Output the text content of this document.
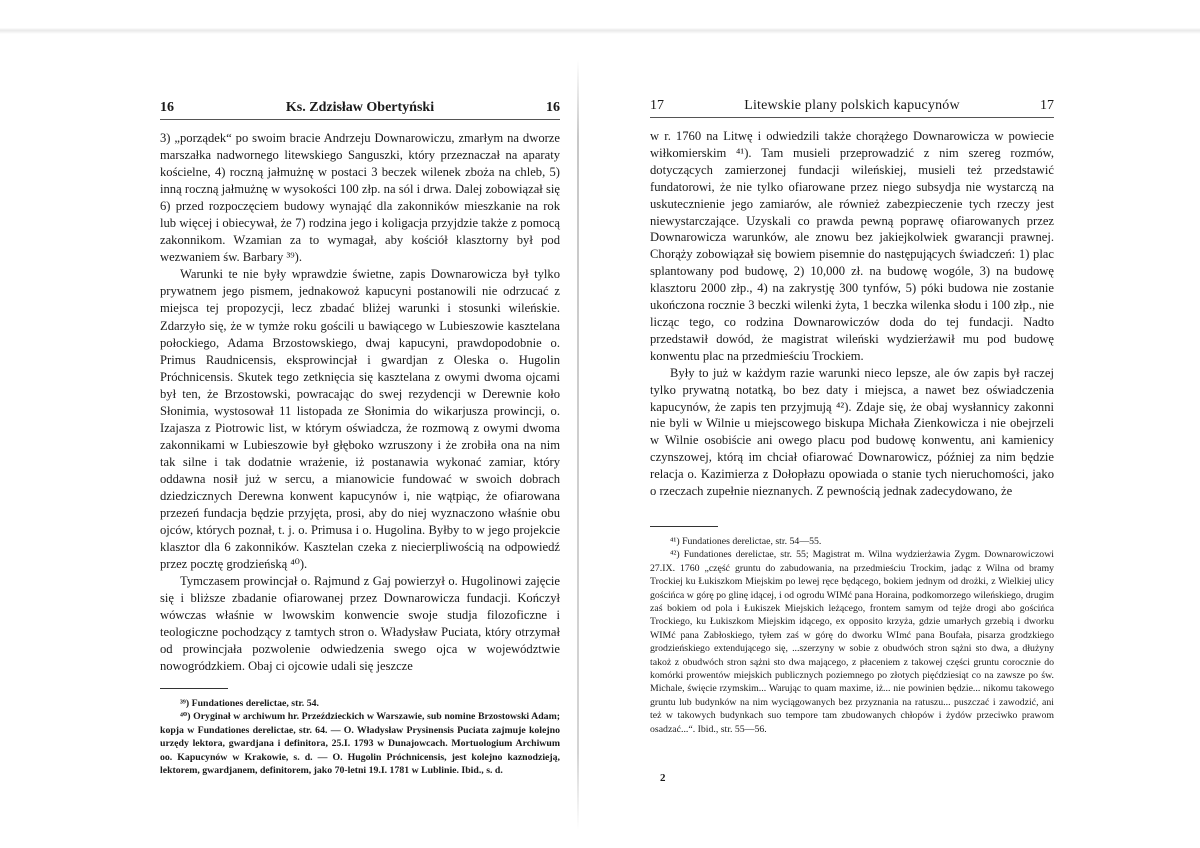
16	Ks. Zdzisław Obertyński	16

3) „porządek“ po swoim bracie Andrzeju Downarowiczu, zmarłym na dworze marszałka nadwornego litewskiego Sanguszki, który przeznaczał na aparaty kościelne, 4) roczną jałmużnę w postaci 3 beczek wilenek zboża na chleb, 5) inną roczną jałmużnę w wysokości 100 złp. na sól i drwa. Dalej zobowiązał się 6) przed rozpoczęciem budowy wynająć dla zakonników mieszkanie na rok lub więcej i obiecywał, że 7) rodzina jego i koligacja przyjdzie także z pomocą zakonnikom. Wzamian za to wymagał, aby kościół klasztorny był pod wezwaniem św. Barbary ³⁹).

Warunki te nie były wprawdzie świetne, zapis Downarowicza był tylko prywatnem jego pismem, jednakowoż kapucyni postanowili nie odrzucać z miejsca tej propozycji, lecz zbadać bliżej warunki i stosunki wileńskie. Zdarzyło się, że w tymże roku gościli u bawiącego w Lubieszowie kasztelana połockiego, Adama Brzostowskiego, dwaj kapucyni, prawdopodobnie o. Primus Raudnicensis, eksprowincjał i gwardjan z Oleska o. Hugolin Próchnicensis. Skutek tego zetknięcia się kasztelana z owymi dwoma ojcami był ten, że Brzostowski, powracając do swej rezydencji w Derewnie koło Słonimia, wystosował 11 listopada ze Słonimia do wikarjusza prowincji, o. Izajasza z Piotrowic list, w którym oświadcza, że rozmową z owymi dwoma zakonnikami w Lubieszowie był głęboko wzruszony i że zrobiła ona na nim tak silne i tak dodatnie wrażenie, iż postanawia wykonać zamiar, który oddawna nosił już w sercu, a mianowicie fundować w swoich dobrach dziedzicznych Derewna konwent kapucynów i, nie wątpiąc, że ofiarowana przezeń fundacja będzie przyjęta, prosi, aby do niej wyznaczono właśnie obu ojców, których poznał, t. j. o. Primusa i o. Hugolina. Byłby to w jego projekcie klasztor dla 6 zakonników. Kasztelan czeka z niecierpliwością na odpowiedź przez pocztę grodzieńską ⁴⁰).

Tymczasem prowincjał o. Rajmund z Gaj powierzył o. Hugolinowi zajęcie się i bliższe zbadanie ofiarowanej przez Downarowicza fundacji. Kończył wówczas właśnie w lwowskim konwencie swoje studja filozoficzne i teologiczne pochodzący z tamtych stron o. Władysław Puciata, który otrzymał od prowincjała pozwolenie odwiedzenia swego ojca w województwie nowogródzkiem. Obaj ci ojcowie udali się jeszcze

³⁹) Fundationes derelictae, str. 54.

⁴⁰) Oryginał w archiwum hr. Przeździeckich w Warszawie, sub nomine Brzostowski Adam; kopja w Fundationes derelictae, str. 64. — O. Władysław Prysinensis Puciata zajmuje kolejno urzędy lektora, gwardjana i definitora, 25.I. 1793 w Dunajowcach. Mortuologium Archiwum oo. Kapucynów w Krakowie, s. d. — O. Hugolin Próchnicensis, jest kolejno kaznodzieją, lektorem, gwardjanem, definitorem, jako 70-letni 19.I. 1781 w Lublinie. Ibid., s. d.

17	Litewskie plany polskich kapucynów	17

w r. 1760 na Litwę i odwiedzili także chorążego Downarowicza w powiecie wiłkomierskim ⁴¹). Tam musieli przeprowadzić z nim szereg rozmów, dotyczących zamierzonej fundacji wileńskiej, musieli też przedstawić fundatorowi, że nie tylko ofiarowane przez niego subsydja nie wystarczą na uskutecznienie jego zamiarów, ale również zabezpieczenie tych rzeczy jest niewystarczające. Uzyskali co prawda pewną poprawę ofiarowanych przez Downarowicza warunków, ale znowu bez jakiejkolwiek gwarancji prawnej. Chorąży zobowiązał się bowiem pisemnie do następujących świadczeń: 1) plac splantowany pod budowę, 2) 10,000 zł. na budowę wogóle, 3) na budowę klasztoru 2000 złp., 4) na zakrystję 300 tynfów, 5) póki budowa nie zostanie ukończona rocznie 3 beczki wilenki żyta, 1 beczka wilenka słodu i 100 złp., nie licząc tego, co rodzina Downarowiczów doda do tej fundacji. Nadto przedstawił dowód, że magistrat wileński wydzierżawił mu pod budowę konwentu plac na przedmieściu Trockiem.

Były to już w każdym razie warunki nieco lepsze, ale ów zapis był raczej tylko prywatną notatką, bo bez daty i miejsca, a nawet bez oświadczenia kapucynów, że zapis ten przyjmują ⁴²). Zdaje się, że obaj wysłannicy zakonni nie byli w Wilnie u miejscowego biskupa Michała Zienkowicza i nie obejrzeli w Wilnie osobiście ani owego placu pod budowę konwentu, ani kamienicy czynszowej, którą im chciał ofiarować Downarowicz, później za nim będzie relacja o. Kazimierza z Dołopłazu opowiada o stanie tych nieruchomości, jako o rzeczach zupełnie nieznanych. Z pewnością jednak zadecydowano, że

⁴¹) Fundationes derelictae, str. 54—55.

⁴²) Fundationes derelictae, str. 55; Magistrat m. Wilna wydzierżawia Zygm. Downarowiczowi 27.IX. 1760 „część gruntu do zabudowania, na przedmieściu Trockim, jadąc z Wilna od bramy Trockiej ku Łukiszkom Miejskim po lewej ręce będącego, bokiem jednym od drożki, z Wielkiej ulicy gościńca w górę po glinę idącej, i od ogrodu WIMć pana Horaina, podkomorzego wileńskiego, drugim zaś bokiem od pola i Łukiszek Miejskich leżącego, frontem samym od tejże drogi abo gościńca Trockiego, ku Łukiszkom Miejskim idącego, ex opposito krzyża, gdzie umarłych grzebią i dworku WIMć pana Zabłoskiego, tyłem zaś w górę do dworku WImć pana Boufała, pisarza grodzkiego grodzieńskiego extendującego się, ...szerzyny w sobie z obudwóch stron sążni sto dwa, a dłużyny takoż z obudwóch stron sążni sto dwa mającego, z płaceniem z takowej części gruntu corocznie do komórki prowentów miejskich publicznych poziemnego po złotych pięćdziesiąt co na zawsze po św. Michale, święcie rzymskim... Warując to quam maxime, iż... nie powinien będzie... nikomu takowego gruntu lub budynków na nim wyciągowanych bez przyznania na ratuszu... puszczać i zawodzić, ani też w takowych budynkach suo tempore tam zbudowanych chłopów i żydów przeciwko prawom osadzać...“. Ibid., str. 55—56.

2
